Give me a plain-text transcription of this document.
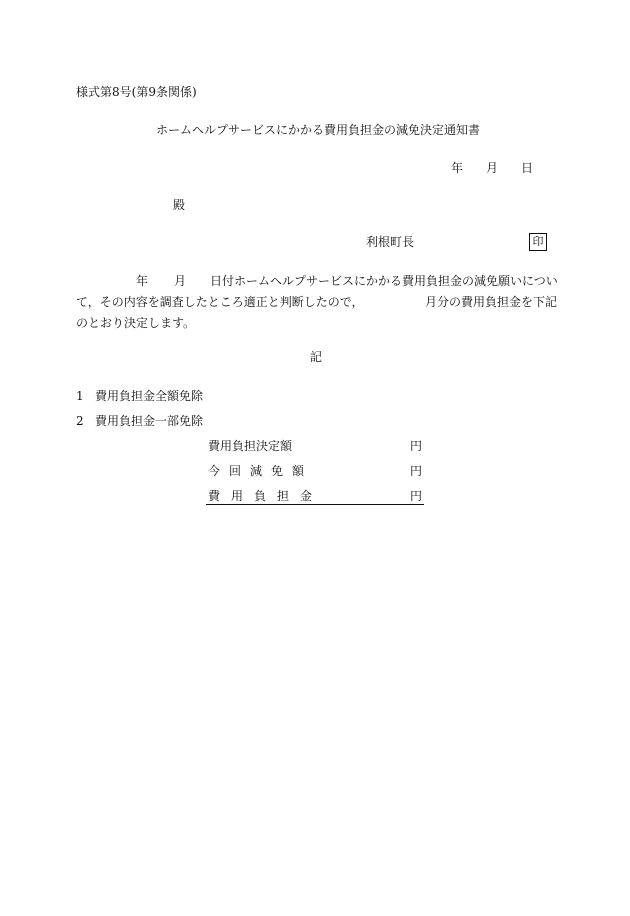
様式第8号(第9条関係)
ホームヘルプサービスにかかる費用負担金の減免決定通知書
年 月 日
殿
利根町長	印
年 月 日付ホームヘルプサービスにかかる費用負担金の減免願いについ
て，その内容を調査したところ適正と判断したので，	月分の費用負担金を下記
のとおり決定します。
記
1 費用負担金全額免除
2 費用負担金一部免除
費用負担決定額	円
今回減免額	円
費用負担金	円
